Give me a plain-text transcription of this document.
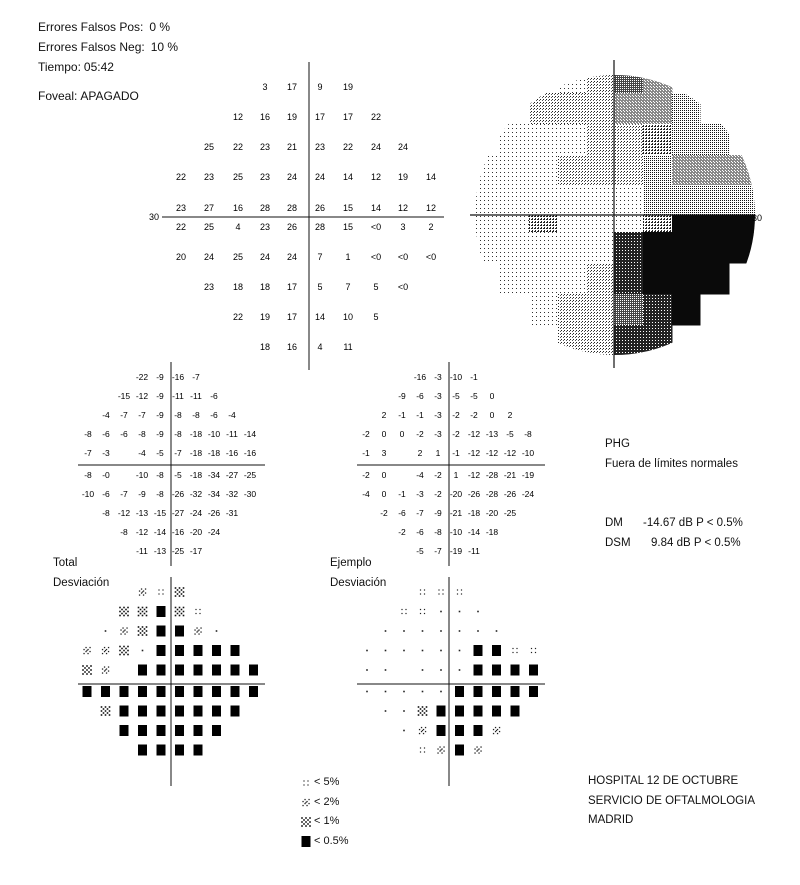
Errores Falsos Pos: 0 %
Errores Falsos Neg: 10 %
Tiempo: 05:42
Foveal: APAGADO
30
3 17 9 19
12 16 19 17 17 22
25 22 23 21 23 22 24 24
22 23 25 23 24 24 14 12 19 14
23 27 16 28 28 26 15 14 12 12
22 25 4 23 26 28 15 <0 3	2
20 24 25 24 24 7	1 <0 <0 <0
23 18 18 17 5	7	5 <0
22 19 17 14 10 5
18 16 4 11
30
-22 -9 -16 -7
-15 -12 -9 -11 -11 -6
-4 -7 -7 -9 -8 -8 -6 -4
-8 -6 -6 -8 -9 -8 -18 -10 -11 -14
-7 -3	-4 -5 -7 -18 -18 -16 -16
-8 -0	-10 -8 -5 -18 -34 -27 -25
-10 -6 -7 -9 -8 -26 -32 -34 -32 -30
-8 -12 -13 -15 -27 -24 -26 -31
-8 -12 -14 -16 -20 -24
-11 -13 -25 -17
-16 -3 -10 -1
-9 -6 -3 -5 -5 0
2 -1 -1 -3 -2 -2 0 2
-2 0 0 -2 -3 -2 -12 -13 -5 -8
-1 3	2 1 -1 -12 -12 -12 -10
-2 0	-4 -2 1 -12 -28 -21 -19
-4 0 -1 -3 -2 -20 -26 -28 -26 -24
-2 -6 -7 -9 -21 -18 -20 -25
-2 -6 -8 -10 -14 -18
-5 -7 -19 -11
Total
Desviación
Ejemplo
Desviación
< 5%
< 2%
< 1%
< 0.5%
PHG
Fuera de límites normales
DM -14.67 dB P < 0.5%
DSM 9.84 dB P < 0.5%
HOSPITAL 12 DE OCTUBRE
SERVICIO DE OFTALMOLOGIA
MADRID
